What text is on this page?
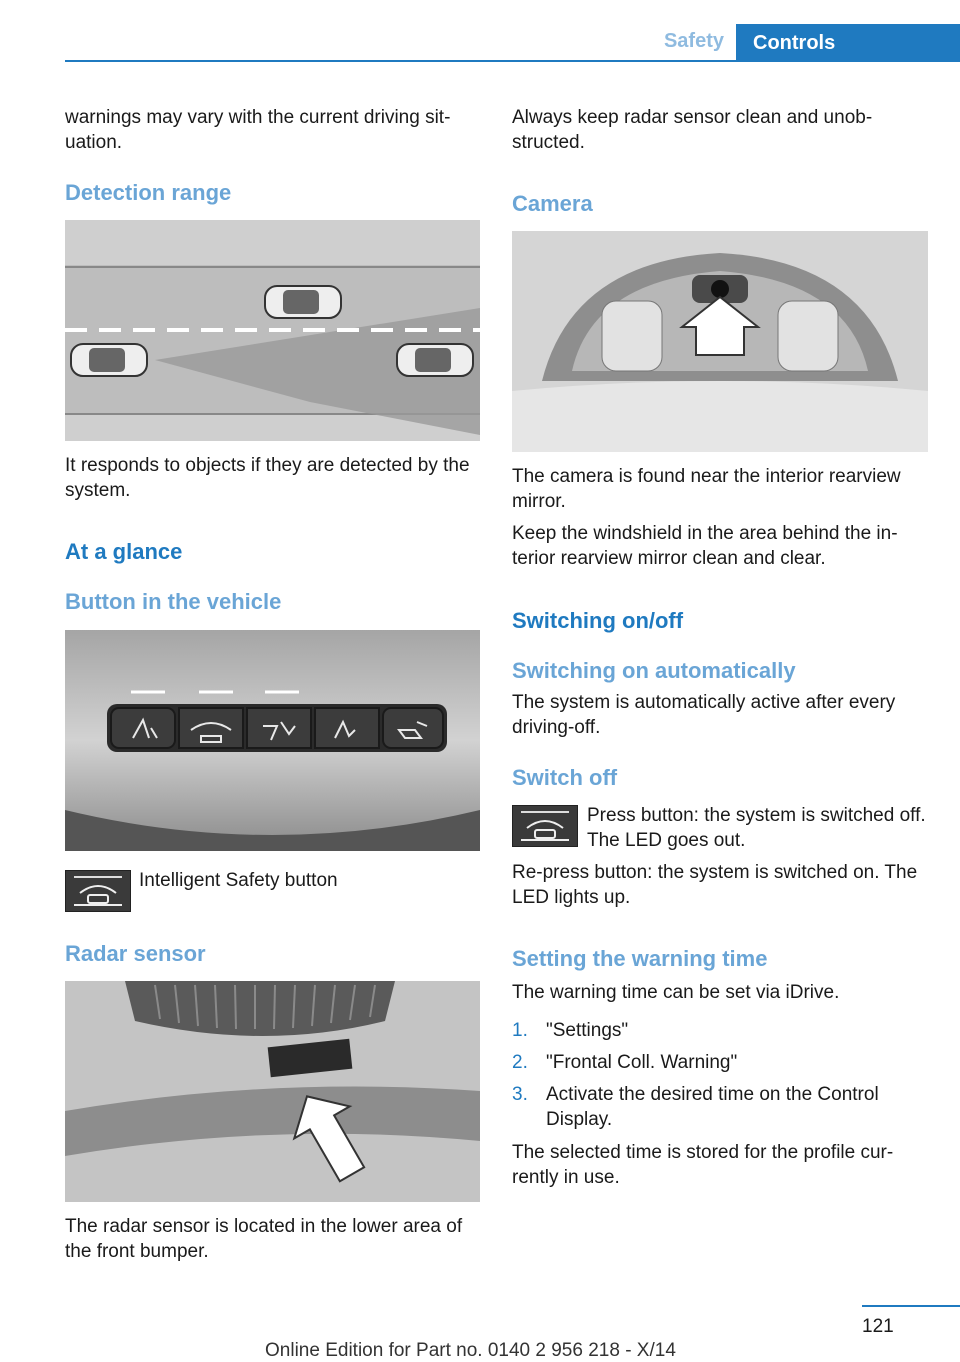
Safety	Controls

warnings may vary with the current driving sit-uation.

Detection range

It responds to objects if they are detected by the system.

At a glance
Button in the vehicle

Intelligent Safety button

Radar sensor

The radar sensor is located in the lower area of the front bumper.

Always keep radar sensor clean and unob-structed.

Camera

The camera is found near the interior rearview mirror.

Keep the windshield in the area behind the in-terior rearview mirror clean and clear.

Switching on/off
Switching on automatically

The system is automatically active after every driving-off.

Switch off

Press button: the system is switched off. The LED goes out.

Re-press button: the system is switched on. The LED lights up.

Setting the warning time

The warning time can be set via iDrive.

1. "Settings"
2. "Frontal Coll. Warning"
3. Activate the desired time on the Control Display.

The selected time is stored for the profile cur-rently in use.

121
Online Edition for Part no. 0140 2 956 218 - X/14
